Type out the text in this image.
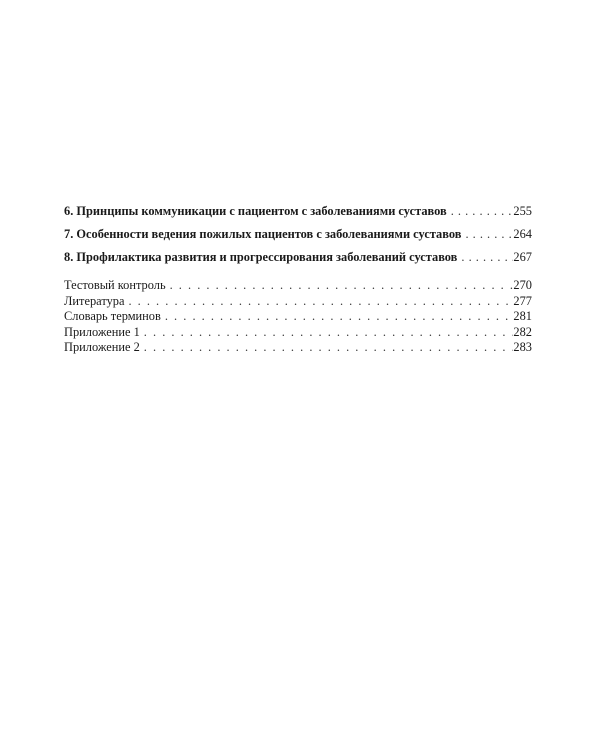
6. Принципы коммуникации с пациентом с заболеваниями суставов . . .	255
7. Особенности ведения пожилых пациентов с заболеваниями суставов . . .	264
8. Профилактика развития и прогрессирования заболеваний суставов . . .	267
Тестовый контроль . . .	270
Литература . . .	277
Словарь терминов . . .	281
Приложение 1 . . .	282
Приложение 2 . . .	283
